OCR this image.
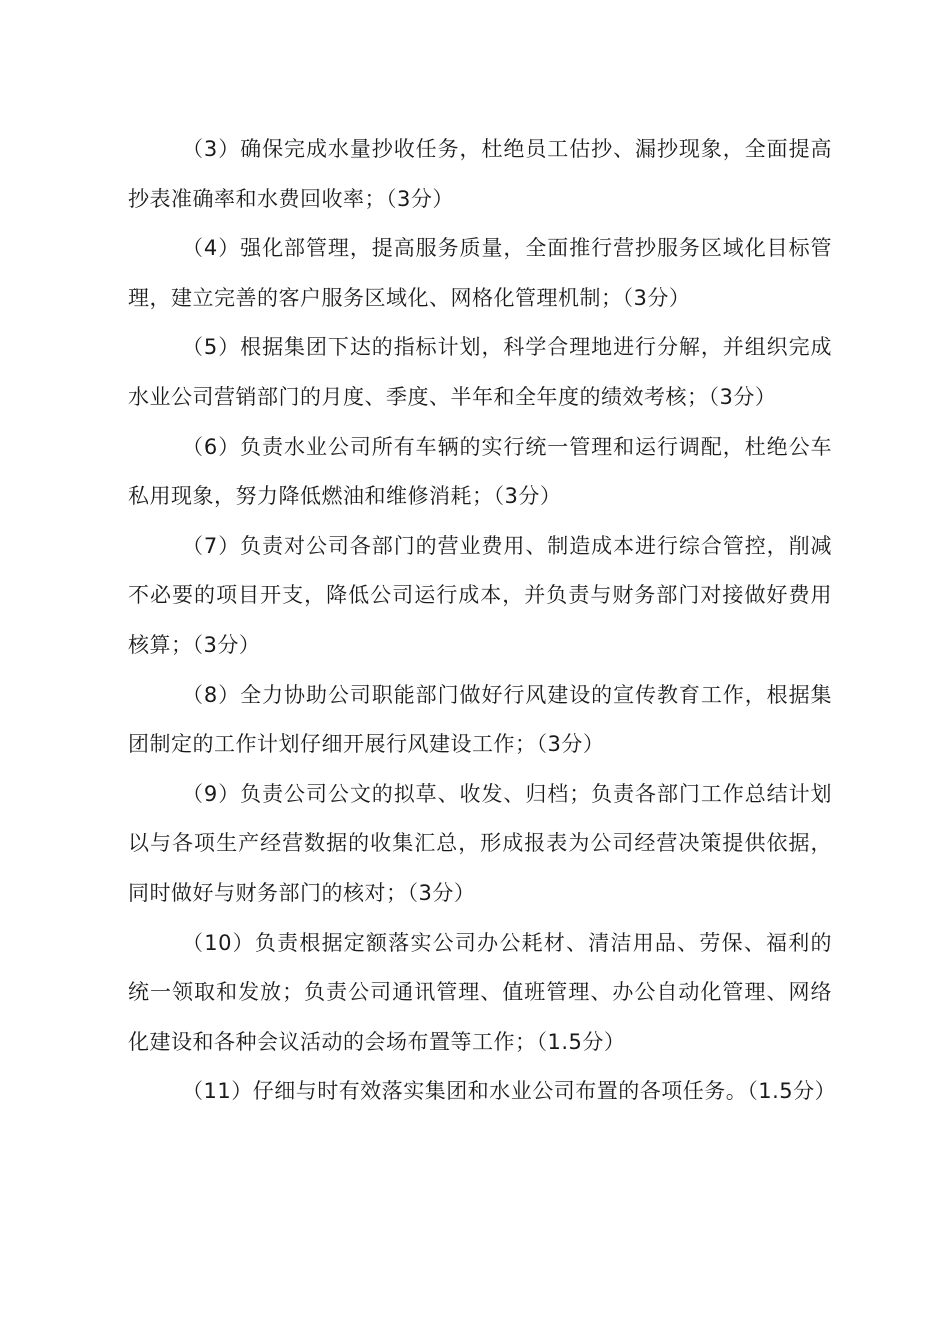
（3）确保完成水量抄收任务，杜绝员工估抄、漏抄现象，全面提高抄表准确率和水费回收率；（3分）

（4）强化部管理，提高服务质量，全面推行营抄服务区域化目标管理，建立完善的客户服务区域化、网格化管理机制；（3分）

（5）根据集团下达的指标计划，科学合理地进行分解，并组织完成水业公司营销部门的月度、季度、半年和全年度的绩效考核；（3分）

（6）负责水业公司所有车辆的实行统一管理和运行调配，杜绝公车私用现象，努力降低燃油和维修消耗；（3分）

（7）负责对公司各部门的营业费用、制造成本进行综合管控，削减不必要的项目开支，降低公司运行成本，并负责与财务部门对接做好费用核算；（3分）

（8）全力协助公司职能部门做好行风建设的宣传教育工作，根据集团制定的工作计划仔细开展行风建设工作；（3分）

（9）负责公司公文的拟草、收发、归档；负责各部门工作总结计划以与各项生产经营数据的收集汇总，形成报表为公司经营决策提供依据，同时做好与财务部门的核对；（3分）

（10）负责根据定额落实公司办公耗材、清洁用品、劳保、福利的统一领取和发放；负责公司通讯管理、值班管理、办公自动化管理、网络化建设和各种会议活动的会场布置等工作；（1.5分）

（11）仔细与时有效落实集团和水业公司布置的各项任务。（1.5分）
